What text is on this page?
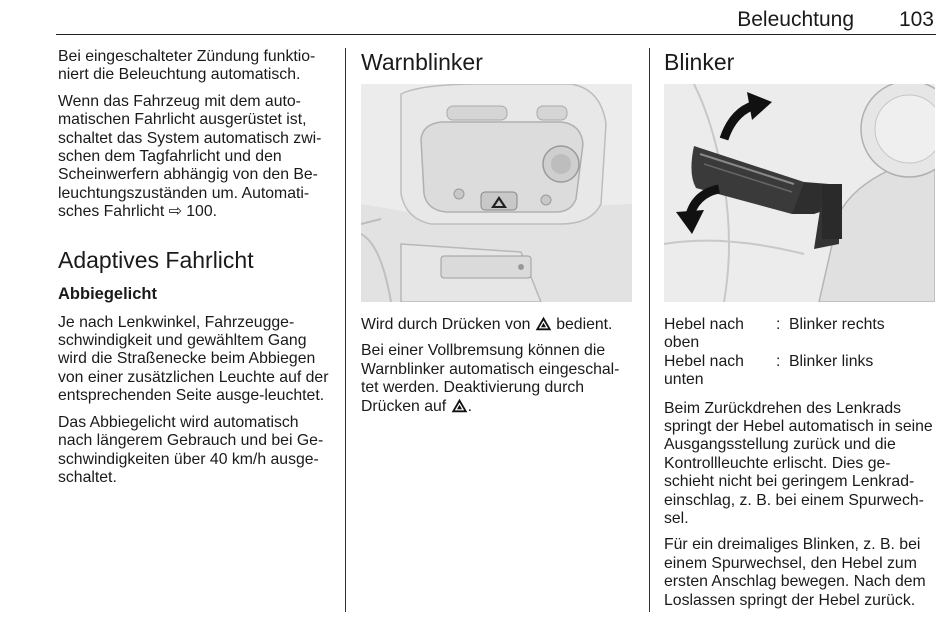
Beleuchtung 103

Bei eingeschalteter Zündung funktio-niert die Beleuchtung automatisch.

Wenn das Fahrzeug mit dem auto-matischen Fahrlicht ausgerüstet ist, schaltet das System automatisch zwi-schen dem Tagfahrlicht und den Scheinwerfern abhängig von den Be-leuchtungszuständen um. Automati-sches Fahrlicht ⇨ 100.

Adaptives Fahrlicht
Abbiegelicht

Je nach Lenkwinkel, Fahrzeugge-schwindigkeit und gewähltem Gang wird die Straßenecke beim Abbiegen von einer zusätzlichen Leuchte auf der entsprechenden Seite ausge-leuchtet.

Das Abbiegelicht wird automatisch nach längerem Gebrauch und bei Ge-schwindigkeiten über 40 km/h ausge-schaltet.

Warnblinker

Wird durch Drücken von  bedient.

Bei einer Vollbremsung können die Warnblinker automatisch eingeschal-tet werden. Deaktivierung durch Drücken auf .

Blinker
Hebel nach oben	:	Blinker rechts
Hebel nach unten	:	Blinker links

Beim Zurückdrehen des Lenkrads springt der Hebel automatisch in seine Ausgangsstellung zurück und die Kontrollleuchte erlischt. Dies ge-schieht nicht bei geringem Lenkrad-einschlag, z. B. bei einem Spurwech-sel.

Für ein dreimaliges Blinken, z. B. bei einem Spurwechsel, den Hebel zum ersten Anschlag bewegen. Nach dem Loslassen springt der Hebel zurück.
